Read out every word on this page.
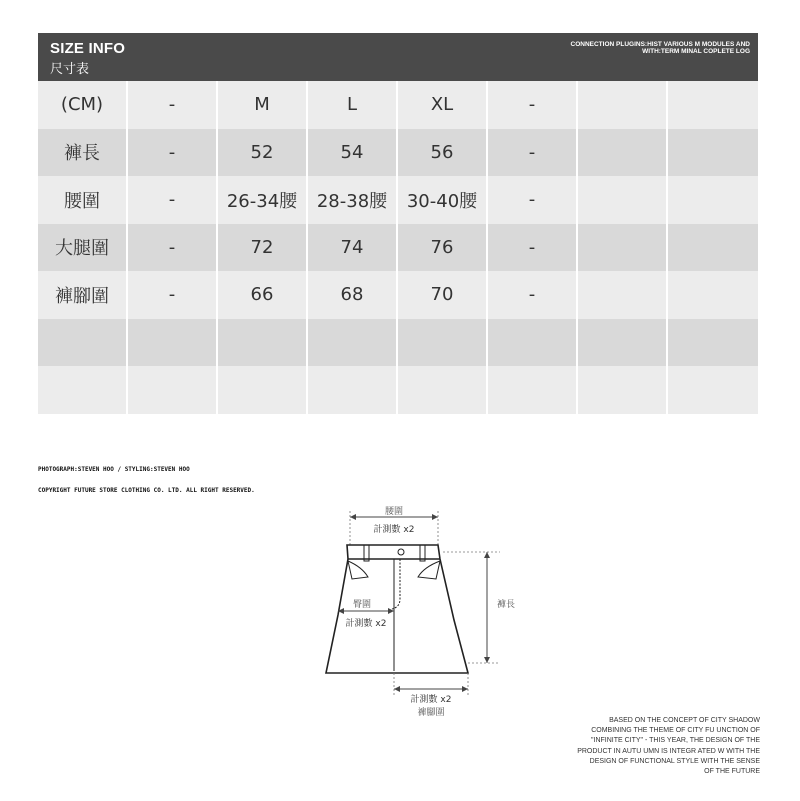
SIZE INFO
尺寸表
CONNECTION PLUGINS:HIST VARIOUS M MODULES AND
WITH:TERM MINAL COPLETE LOG
(CM)	-	M	L	XL	-		
褲長	-	52	54	56	-		
腰圍	-	26-34腰	28-38腰	30-40腰	-		
大腿圍	-	72	74	76	-		
褲腳圍	-	66	68	70	-		

PHOTOGRAPH:STEVEN HOO / STYLING:STEVEN HOO

COPYRIGHT FUTURE STORE CLOTHING CO. LTD. ALL RIGHT RESERVED.

腰圍
計測數 x2
臀圍
計測數 x2
褲長
計測數 x2
褲腳圍
BASED ON THE CONCEPT OF CITY SHADOW
COMBINING THE THEME OF CITY FU UNCTION OF
"INFINITE CITY" - THIS YEAR, THE DESIGN OF THE
PRODUCT IN AUTU UMN IS INTEGR ATED W WITH THE
DESIGN OF FUNCTIONAL STYLE WITH THE SENSE
OF THE FUTURE
